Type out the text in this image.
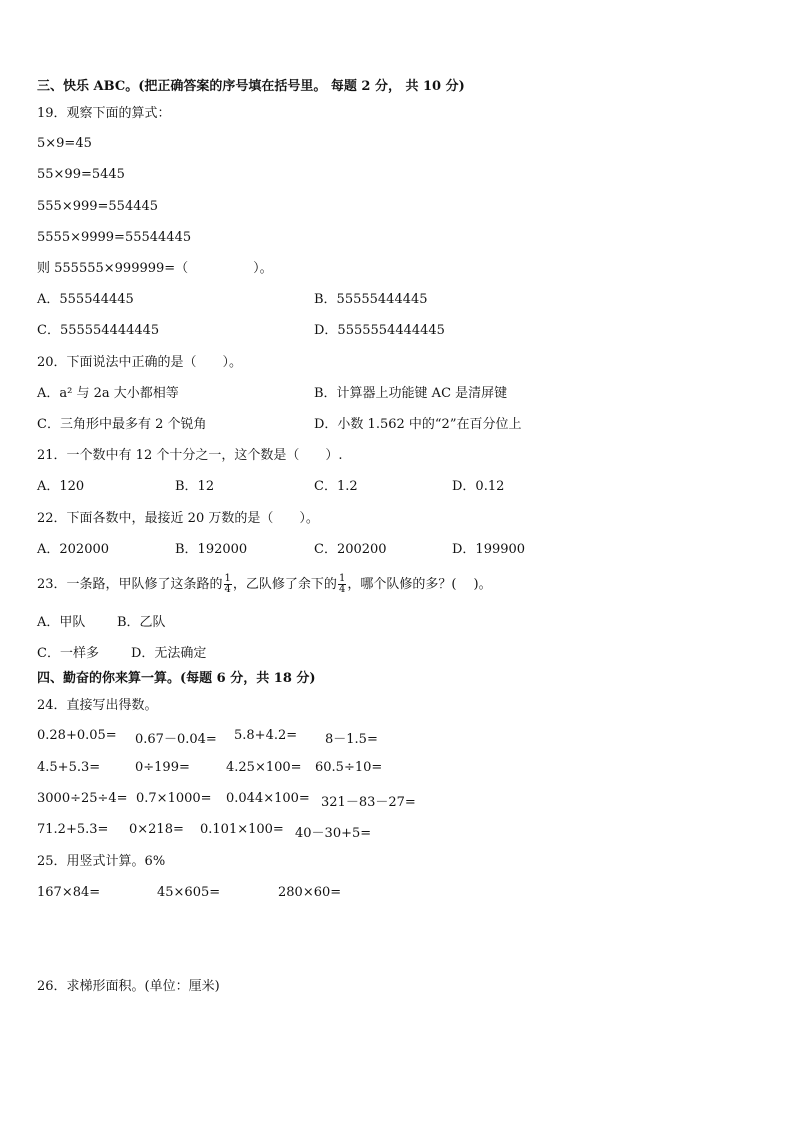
三、快乐 ABC。(把正确答案的序号填在括号里。 每题 2 分， 共 10 分)
19．观察下面的算式：
5×9=45
55×99=5445
555×999=554445
5555×9999=55544445
则 555555×999999=（　　　　　）。
A．555544445	B．55555444445
C．555554444445	D．5555554444445
20．下面说法中正确的是（　　）。
A．a² 与 2a 大小都相等	B．计算器上功能键 AC 是清屏键
C．三角形中最多有 2 个锐角	D．小数 1.562 中的“2”在百分位上
21．一个数中有 12 个十分之一，这个数是（　　）.
A．120	B．12	C．1.2	D．0.12
22．下面各数中，最接近 20 万数的是（　　）。
A．202000	B．192000	C．200200	D．199900
23．一条路，甲队修了这条路的 $\frac{1}{4}$ ，乙队修了余下的 $\frac{1}{4}$ ，哪个队修的多？(　 )。
A．甲队 B．乙队
C．一样多 D．无法确定
四、勤奋的你来算一算。(每题 6 分，共 18 分)
24．直接写出得数。
0.28+0.05= 0.67－0.04= 5.8+4.2= 8－1.5=
4.5+5.3=	0÷199=	4.25×100= 60.5÷10=
3000÷25÷4= 0.7×1000= 0.044×100= 321－83－27=
71.2+5.3= 0×218= 0.101×100= 40－30+5=
25．用竖式计算。6%
167×84=	45×605=	280×60=
26．求梯形面积。(单位：厘米)
